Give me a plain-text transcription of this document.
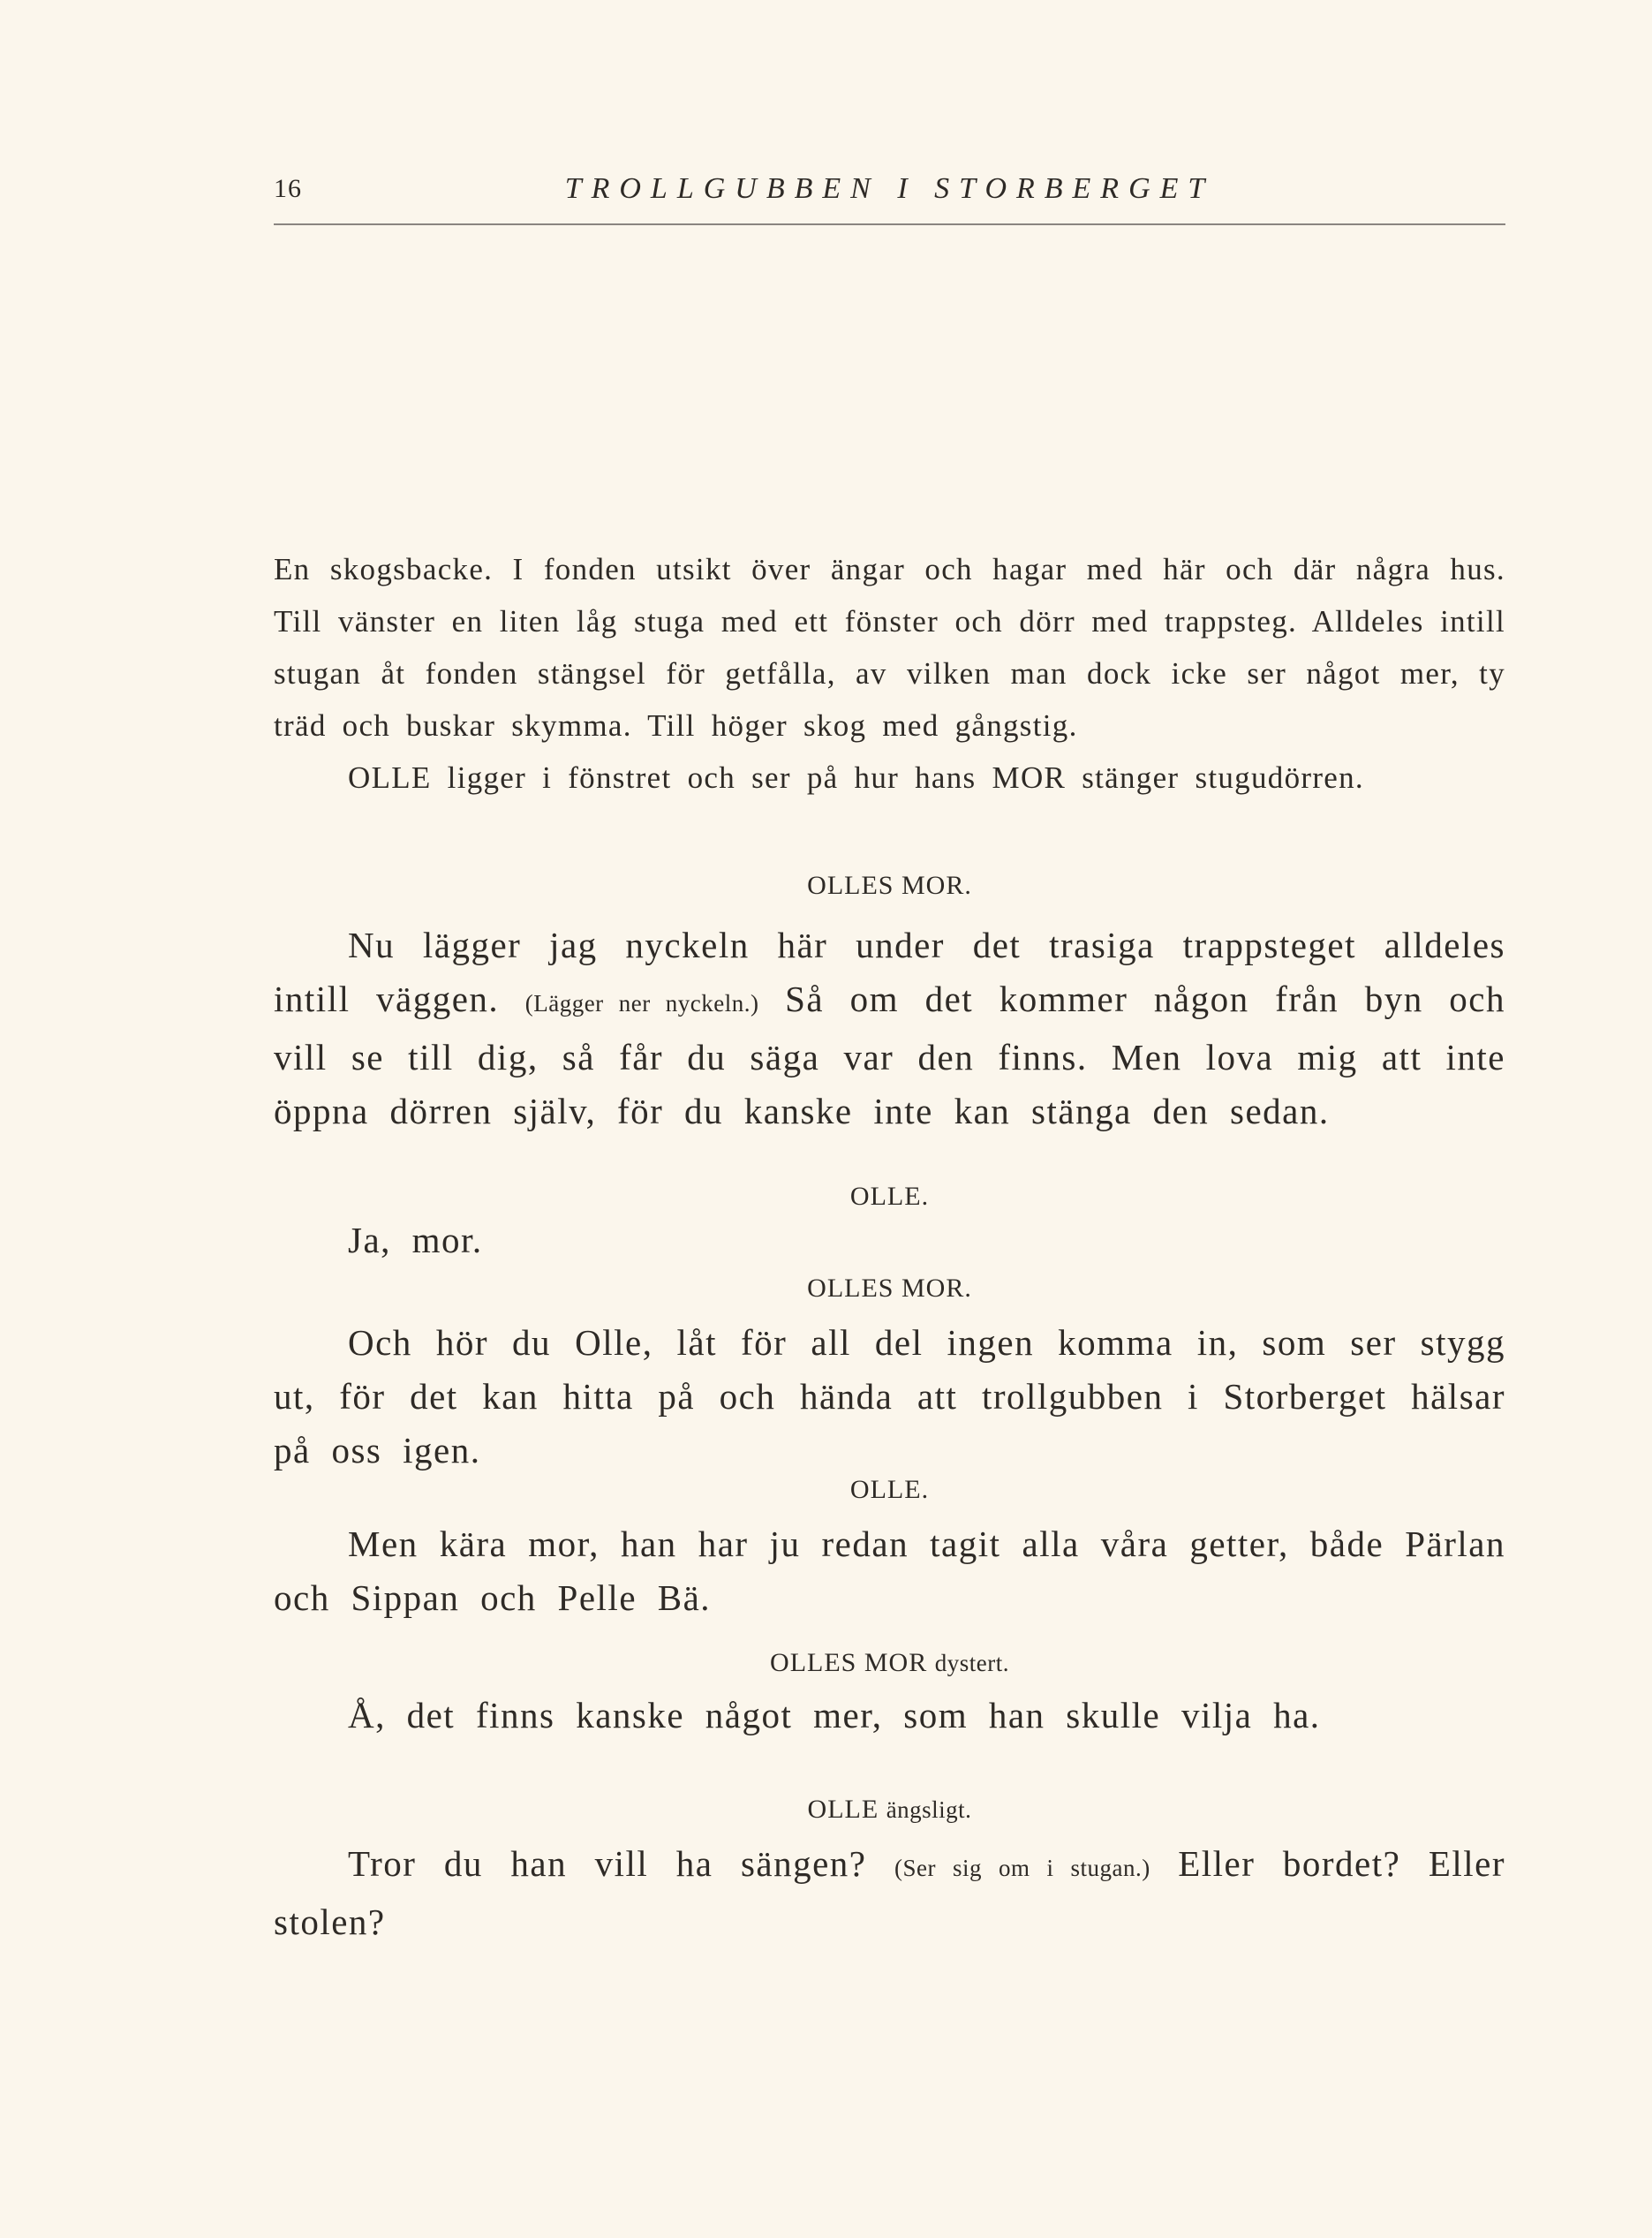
16	TROLLGUBBEN I STORBERGET

En skogsbacke. I fonden utsikt över ängar och hagar med här och där några hus. Till vänster en liten låg stuga med ett fönster och dörr med trappsteg. Alldeles intill stugan åt fonden stängsel för getfålla, av vilken man dock icke ser något mer, ty träd och buskar skymma. Till höger skog med gångstig.

OLLE ligger i fönstret och ser på hur hans MOR stänger stugudörren.

OLLES MOR.

Nu lägger jag nyckeln här under det trasiga trappsteget alldeles intill väggen. (Lägger ner nyckeln.) Så om det kommer någon från byn och vill se till dig, så får du säga var den finns. Men lova mig att inte öppna dörren själv, för du kanske inte kan stänga den sedan.

OLLE.

Ja, mor.

OLLES MOR.

Och hör du Olle, låt för all del ingen komma in, som ser stygg ut, för det kan hitta på och hända att trollgubben i Storberget hälsar på oss igen.

OLLE.

Men kära mor, han har ju redan tagit alla våra getter, både Pärlan och Sippan och Pelle Bä.

OLLES MOR dystert.

Å, det finns kanske något mer, som han skulle vilja ha.

OLLE ängsligt.

Tror du han vill ha sängen? (Ser sig om i stugan.) Eller bordet? Eller stolen?
